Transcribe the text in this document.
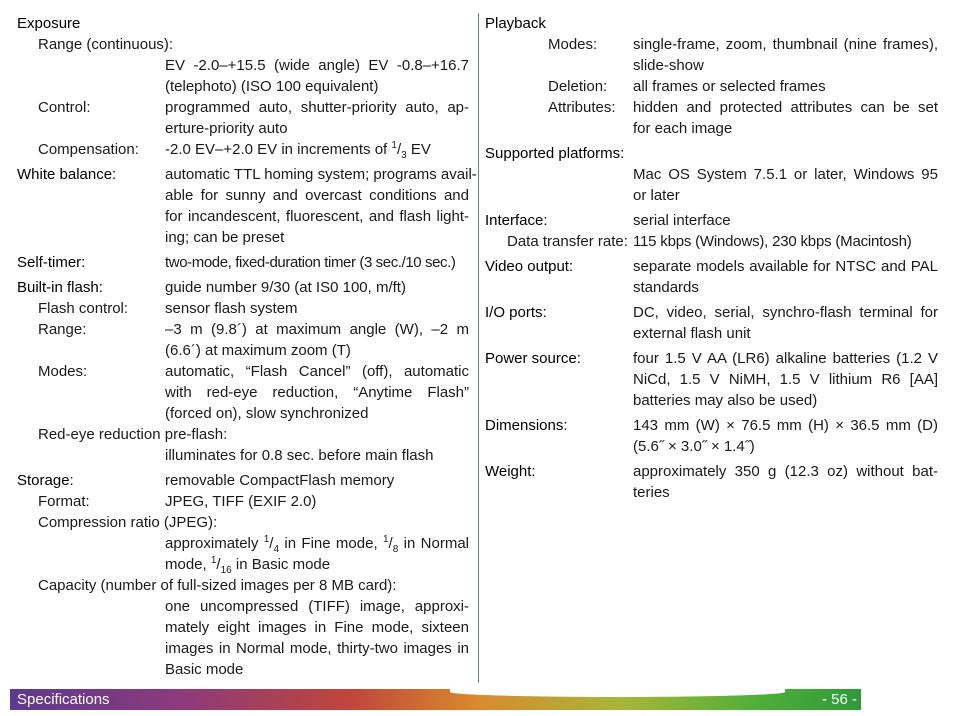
Exposure
Range (continuous):
EV -2.0–+15.5 (wide angle) EV -0.8–+16.7
(telephoto) (ISO 100 equivalent)
Control:	programmed auto, shutter-priority auto, ap-
erture-priority auto
Compensation: -2.0 EV–+2.0 EV in increments of $^1/_3$ EV
White balance:	automatic TTL homing system; programs avail-
able for sunny and overcast conditions and
for incandescent, fluorescent, and flash light-
ing; can be preset
Self-timer:	two-mode, fixed-duration timer (3 sec./10 sec.)
Built-in flash:	guide number 9/30 (at IS0 100, m/ft)
Flash control: sensor flash system
Range:	–3 m (9.8´) at maximum angle (W), –2 m
(6.6´) at maximum zoom (T)
Modes:	automatic, “Flash Cancel” (off), automatic
with red-eye reduction, “Anytime Flash”
(forced on), slow synchronized
Red-eye reduction pre-flash:
illuminates for 0.8 sec. before main flash
Storage:	removable CompactFlash memory
Format:	JPEG, TIFF (EXIF 2.0)
Compression ratio (JPEG):
approximately $^1/_4$ in Fine mode, $^1/_8$ in Normal
mode, $^1/_{16}$ in Basic mode
Capacity (number of full-sized images per 8 MB card):
one uncompressed (TIFF) image, approxi-
mately eight images in Fine mode, sixteen
images in Normal mode, thirty-two images in
Basic mode
Playback
Modes: single-frame, zoom, thumbnail (nine frames),
slide-show
Deletion: all frames or selected frames
Attributes: hidden and protected attributes can be set
for each image
Supported platforms:
Mac OS System 7.5.1 or later, Windows 95
or later
Interface:	serial interface
Data transfer rate: 115 kbps (Windows), 230 kbps (Macintosh)
Video output:	separate models available for NTSC and PAL
standards
I/O ports:	DC, video, serial, synchro-flash terminal for
external flash unit
Power source:	four 1.5 V AA (LR6) alkaline batteries (1.2 V
NiCd, 1.5 V NiMH, 1.5 V lithium R6 [AA]
batteries may also be used)
Dimensions:	143 mm (W) × 76.5 mm (H) × 36.5 mm (D)
(5.6˝ × 3.0˝ × 1.4˝)
Weight:	approximately 350 g (12.3 oz) without bat-
teries
Specifications	- 56 -
